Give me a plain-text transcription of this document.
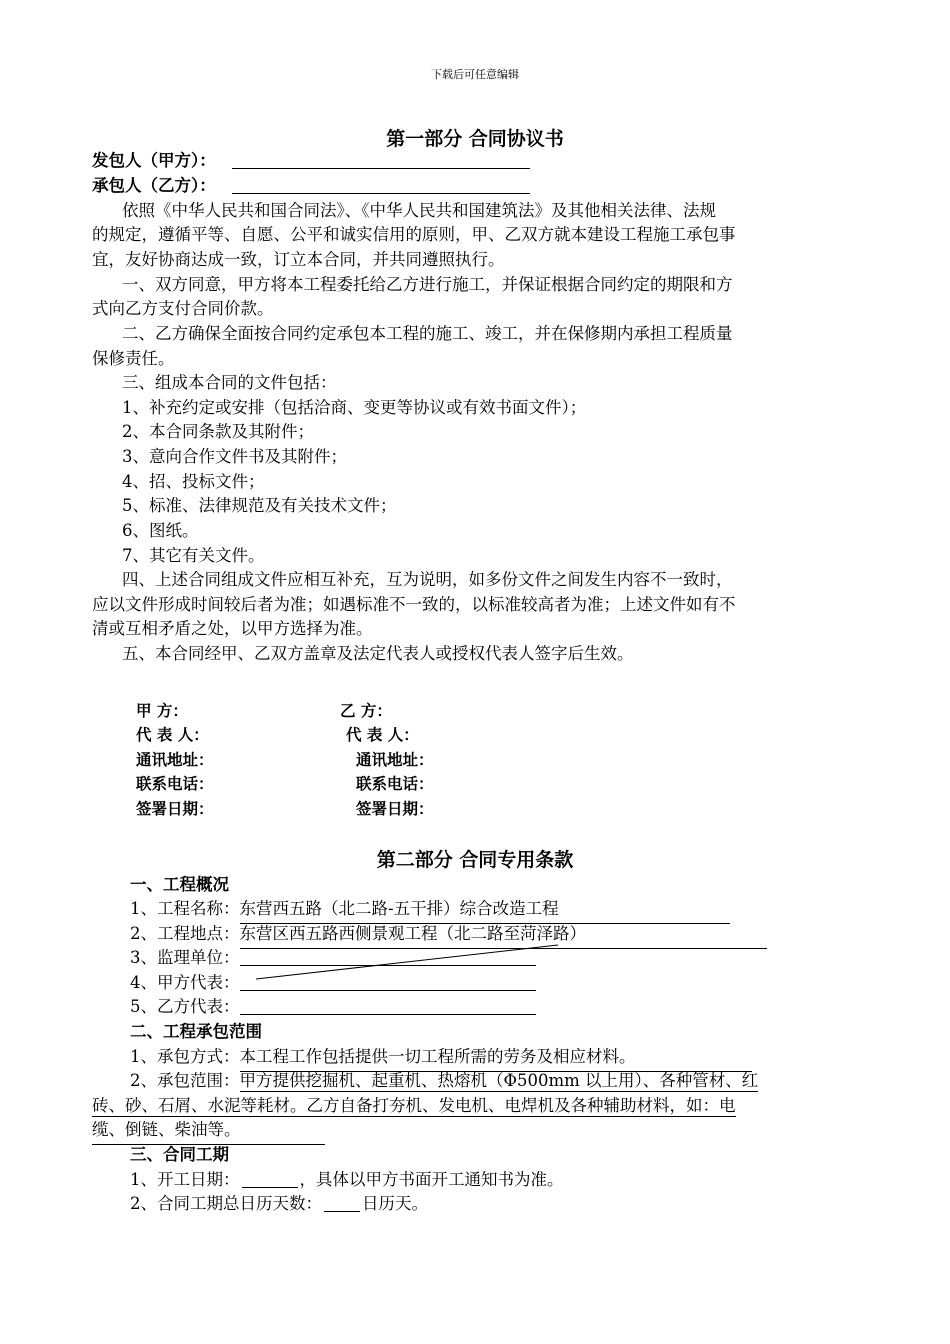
下载后可任意编辑
第一部分 合同协议书
发包人（甲方）：
承包人（乙方）：
依照《中华人民共和国合同法》、《中华人民共和国建筑法》及其他相关法律、法规
的规定，遵循平等、自愿、公平和诚实信用的原则，甲、乙双方就本建设工程施工承包事
宜，友好协商达成一致，订立本合同，并共同遵照执行。
一、双方同意，甲方将本工程委托给乙方进行施工，并保证根据合同约定的期限和方
式向乙方支付合同价款。
二、乙方确保全面按合同约定承包本工程的施工、竣工，并在保修期内承担工程质量
保修责任。
三、组成本合同的文件包括：
1、补充约定或安排（包括洽商、变更等协议或有效书面文件）；
2、本合同条款及其附件；
3、意向合作文件书及其附件；
4、招、投标文件；
5、标准、法律规范及有关技术文件；
6、图纸。
7、其它有关文件。
四、上述合同组成文件应相互补充，互为说明，如多份文件之间发生内容不一致时，
应以文件形成时间较后者为准；如遇标准不一致的，以标准较高者为准；上述文件如有不
清或互相矛盾之处，以甲方选择为准。
五、本合同经甲、乙双方盖章及法定代表人或授权代表人签字后生效。
甲 方：
代 表 人：
通讯地址：
联系电话：
签署日期：
乙 方：
代 表 人：
通讯地址：
联系电话：
签署日期：
第二部分 合同专用条款
一、工程概况
1、工程名称：东营西五路（北二路-五干排）综合改造工程
2、工程地点：东营区西五路西侧景观工程（北二路至菏泽路）
3、监理单位：
4、甲方代表：
5、乙方代表：
二、工程承包范围
1、承包方式：本工程工作包括提供一切工程所需的劳务及相应材料。
2、承包范围：甲方提供挖掘机、起重机、热熔机（Φ500mm 以上用）、各种管材、红
砖、砂、石屑、水泥等耗材。乙方自备打夯机、发电机、电焊机及各种辅助材料，如：电
缆、倒链、柴油等。
三、合同工期
1、开工日期：	，具体以甲方书面开工通知书为准。
2、合同工期总日历天数： 日历天。
